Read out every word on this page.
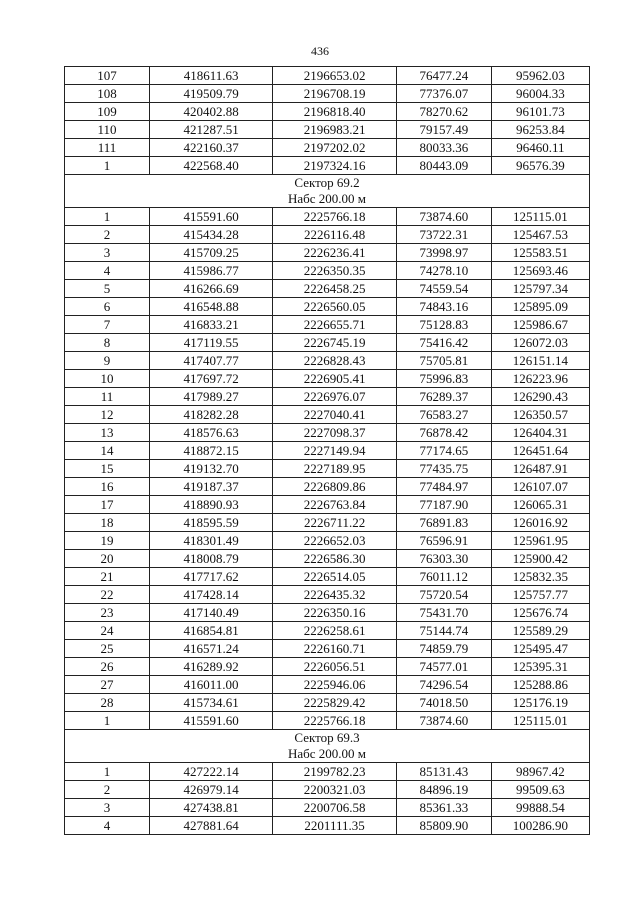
436
107	418611.63	2196653.02	76477.24	95962.03
108	419509.79	2196708.19	77376.07	96004.33
109	420402.88	2196818.40	78270.62	96101.73
110	421287.51	2196983.21	79157.49	96253.84
111	422160.37	2197202.02	80033.36	96460.11
1	422568.40	2197324.16	80443.09	96576.39
Сектор 69.2				
Набс 200.00 м				
1	415591.60	2225766.18	73874.60	125115.01
2	415434.28	2226116.48	73722.31	125467.53
3	415709.25	2226236.41	73998.97	125583.51
4	415986.77	2226350.35	74278.10	125693.46
5	416266.69	2226458.25	74559.54	125797.34
6	416548.88	2226560.05	74843.16	125895.09
7	416833.21	2226655.71	75128.83	125986.67
8	417119.55	2226745.19	75416.42	126072.03
9	417407.77	2226828.43	75705.81	126151.14
10	417697.72	2226905.41	75996.83	126223.96
11	417989.27	2226976.07	76289.37	126290.43
12	418282.28	2227040.41	76583.27	126350.57
13	418576.63	2227098.37	76878.42	126404.31
14	418872.15	2227149.94	77174.65	126451.64
15	419132.70	2227189.95	77435.75	126487.91
16	419187.37	2226809.86	77484.97	126107.07
17	418890.93	2226763.84	77187.90	126065.31
18	418595.59	2226711.22	76891.83	126016.92
19	418301.49	2226652.03	76596.91	125961.95
20	418008.79	2226586.30	76303.30	125900.42
21	417717.62	2226514.05	76011.12	125832.35
22	417428.14	2226435.32	75720.54	125757.77
23	417140.49	2226350.16	75431.70	125676.74
24	416854.81	2226258.61	75144.74	125589.29
25	416571.24	2226160.71	74859.79	125495.47
26	416289.92	2226056.51	74577.01	125395.31
27	416011.00	2225946.06	74296.54	125288.86
28	415734.61	2225829.42	74018.50	125176.19
1	415591.60	2225766.18	73874.60	125115.01
Сектор 69.3				
Набс 200.00 м				
1	427222.14	2199782.23	85131.43	98967.42
2	426979.14	2200321.03	84896.19	99509.63
3	427438.81	2200706.58	85361.33	99888.54
4	427881.64	2201111.35	85809.90	100286.90
